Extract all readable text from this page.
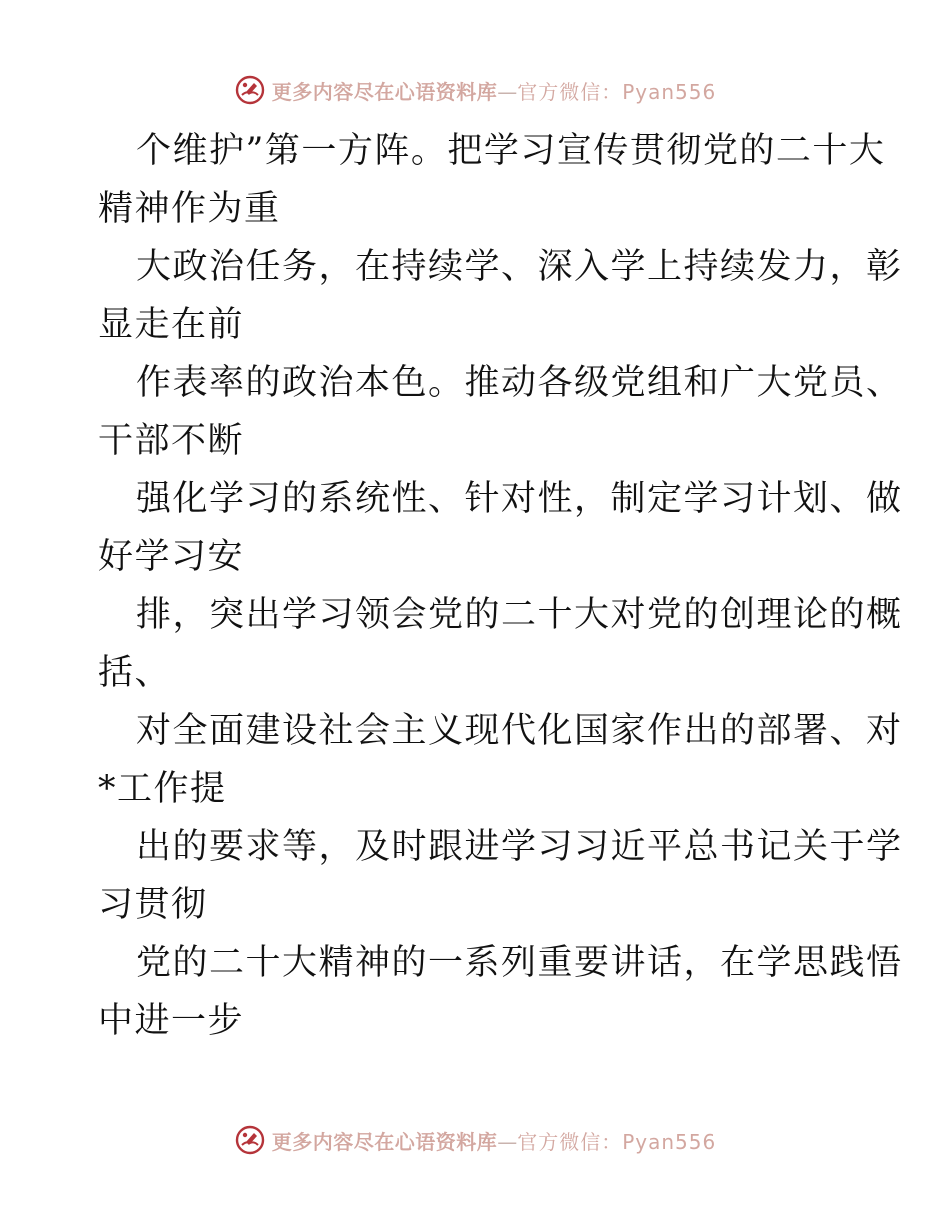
更多内容尽在心语资料库 — 官方微信：Pyan556

个维护”第一方阵。把学习宣传贯彻党的二十大
精神作为重

大政治任务，在持续学、深入学上持续发力，彰
显走在前

作表率的政治本色。推动各级党组和广大党员、
干部不断

强化学习的系统性、针对性，制定学习计划、做
好学习安

排，突出学习领会党的二十大对党的创理论的概
括、

对全面建设社会主义现代化国家作出的部署、对
*工作提

出的要求等，及时跟进学习习近平总书记关于学
习贯彻

党的二十大精神的一系列重要讲话，在学思践悟
中进一步

更多内容尽在心语资料库 — 官方微信：Pyan556
